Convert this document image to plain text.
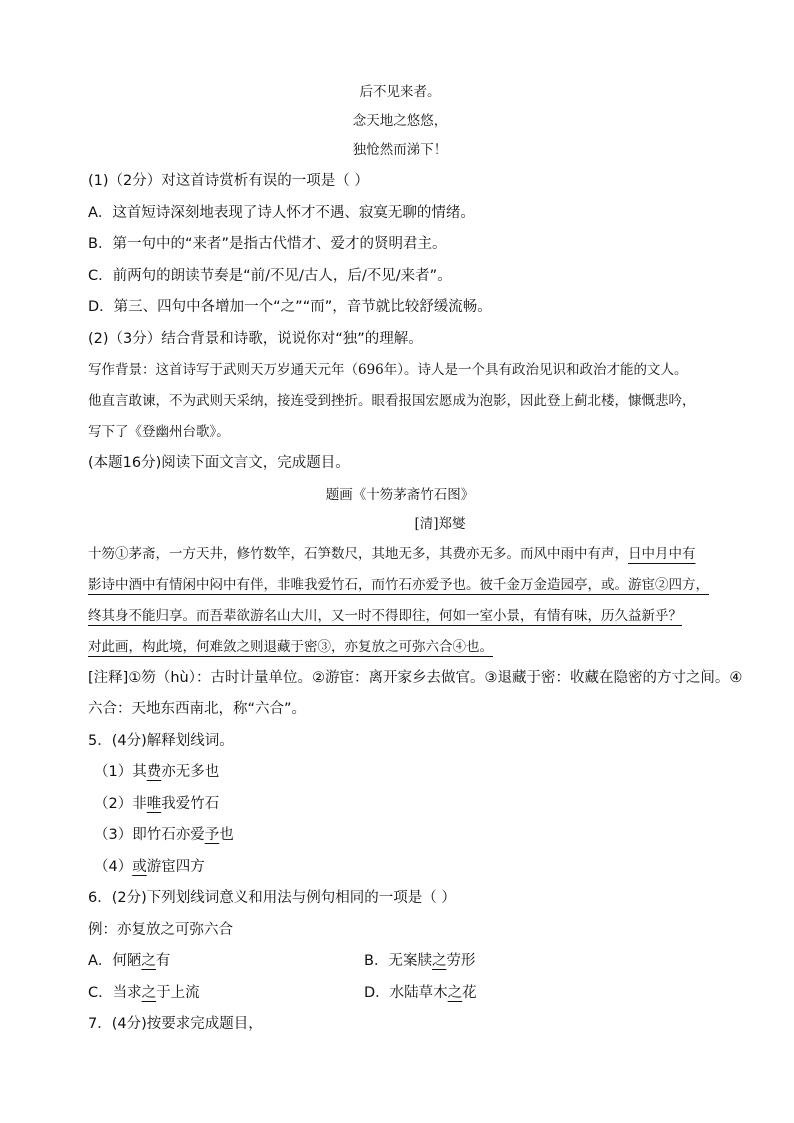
后不见来者。
念天地之悠悠，
独怆然而涕下！
(1)（2分）对这首诗赏析有误的一项是（ ）
A．这首短诗深刻地表现了诗人怀才不遇、寂寞无聊的情绪。
B．第一句中的“来者”是指古代惜才、爱才的贤明君主。
C．前两句的朗读节奏是“前/不见/古人，后/不见/来者”。
D．第三、四句中各增加一个“之”“而”，音节就比较舒缓流畅。
(2)（3分）结合背景和诗歌，说说你对“独”的理解。
写作背景：这首诗写于武则天万岁通天元年（696年）。诗人是一个具有政治见识和政治才能的文人。
他直言敢谏，不为武则天采纳，接连受到挫折。眼看报国宏愿成为泡影，因此登上蓟北楼，慷慨悲吟，
写下了《登幽州台歌》。
(本题16分)阅读下面文言文，完成题目。
题画《十笏茅斋竹石图》
[清]郑燮
十笏①茅斋，一方天井，修竹数竿，石笋数尺，其地无多，其费亦无多。而风中雨中有声，日中月中有
影诗中酒中有情闲中闷中有伴，非唯我爱竹石，而竹石亦爱予也。彼千金万金造园亭，或。游宦②四方，
终其身不能归享。而吾辈欲游名山大川，又一时不得即往，何如一室小景，有情有味，历久益新乎？
对此画，构此境，何难敛之则退藏于密③，亦复放之可弥六合④也。
[注释]①笏（hù）：古时计量单位。②游宦：离开家乡去做官。③退藏于密：收藏在隐密的方寸之间。④
六合：天地东西南北，称“六合”。
5．(4分)解释划线词。
（1）其费亦无多也
（2）非唯我爱竹石
（3）即竹石亦爱予也
（4）或游宦四方
6．(2分)下列划线词意义和用法与例句相同的一项是（ ）
例：亦复放之可弥六合
A．何陋之有	B．无案牍之劳形
C．当求之于上流	D．水陆草木之花
7．(4分)按要求完成题目，
